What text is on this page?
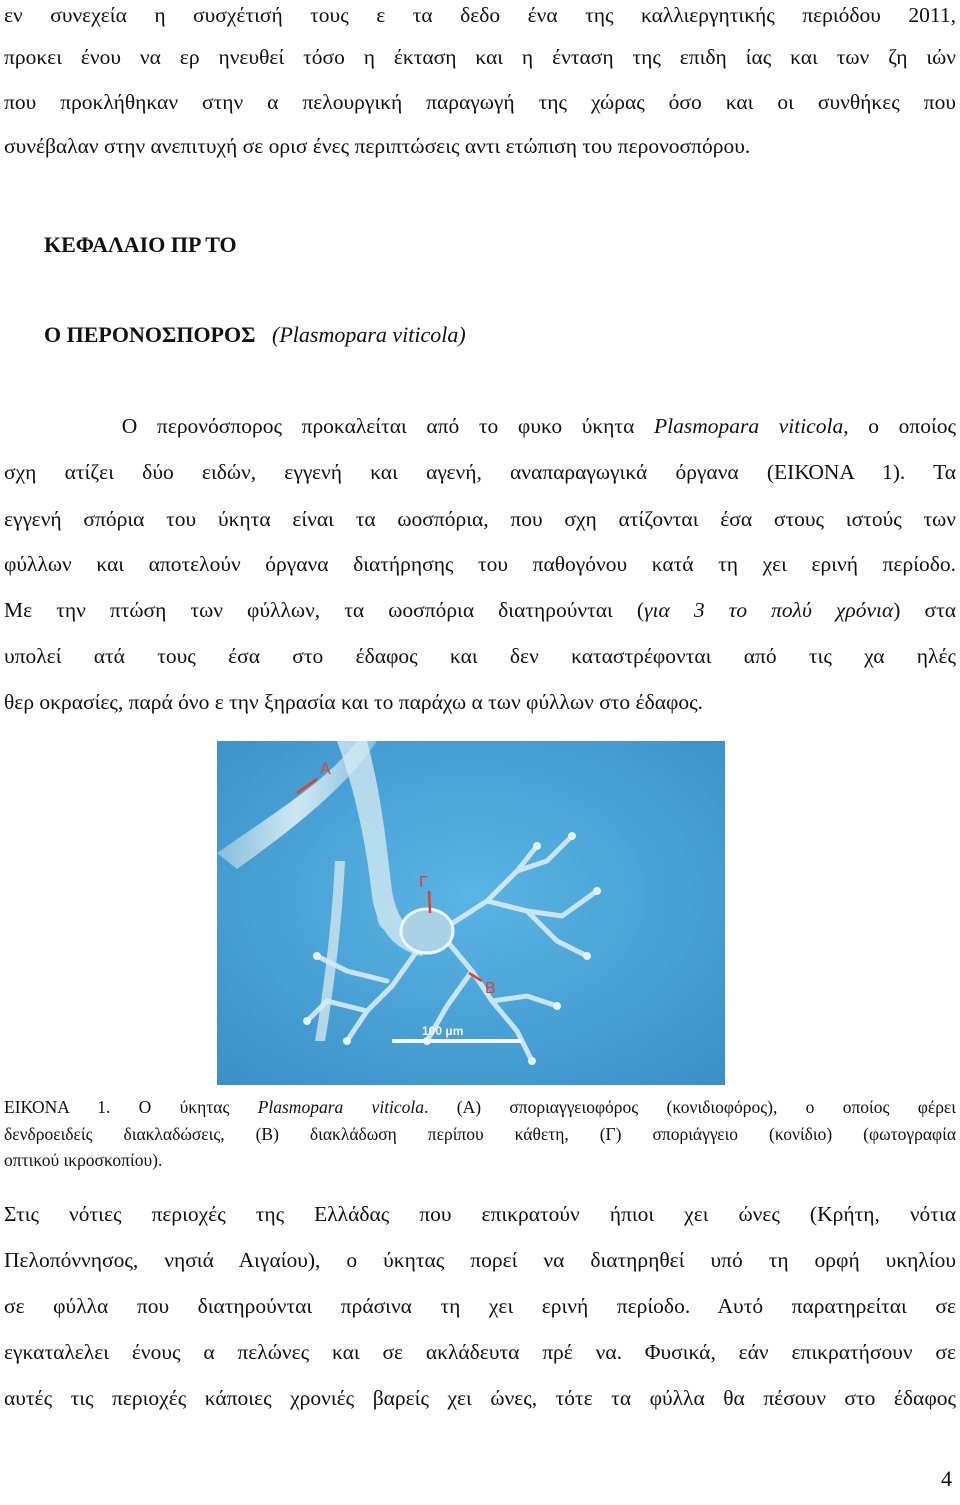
εν συνεχεία η συσχέτισή τους ε τα δεδο ένα της καλλιεργητικής περιόδου 2011,
προκει ένου να ερ ηνευθεί τόσο η έκταση και η ένταση της επιδη ίας και των ζη ιών
που προκλήθηκαν στην α πελουργική παραγωγή της χώρας όσο και οι συνθήκες που
συνέβαλαν στην ανεπιτυχή σε ορισ ένες περιπτώσεις αντι ετώπιση του περονοσπόρου.
ΚΕΦΑΛΑΙΟ ΠΡ ΤΟ
Ο ΠΕΡΟΝΟΣΠΟΡΟΣ (Plasmopara viticola)
Ο περονόσπορος προκαλείται από το φυκο ύκητα Plasmopara viticola, ο οποίος
σχη ατίζει δύο ειδών, εγγενή και αγενή, αναπαραγωγικά όργανα (ΕΙΚΟΝΑ 1). Τα
εγγενή σπόρια του ύκητα είναι τα ωοσπόρια, που σχη ατίζονται έσα στους ιστούς των
φύλλων και αποτελούν όργανα διατήρησης του παθογόνου κατά τη χει ερινή περίοδο.
Με την πτώση των φύλλων, τα ωοσπόρια διατηρούνται (για 3 το πολύ χρόνια) στα
υπολεί ατά τους έσα στο έδαφος και δεν καταστρέφονται από τις χα ηλές
θερ οκρασίες, παρά όνο ε την ξηρασία και το παράχω α των φύλλων στο έδαφος.
Α
Γ
Β
100 μm
ΕΙΚΟΝΑ 1. Ο ύκητας Plasmopara viticola. (Α) σποριαγγειοφόρος (κονιδιοφόρος), ο οποίος φέρει
δενδροειδείς διακλαδώσεις, (Β) διακλάδωση περίπου κάθετη, (Γ) σποριάγγειο (κονίδιο) (φωτογραφία
οπτικού ικροσκοπίου).
Στις νότιες περιοχές της Ελλάδας που επικρατούν ήπιοι χει ώνες (Κρήτη, νότια
Πελοπόννησος, νησιά Αιγαίου), ο ύκητας πορεί να διατηρηθεί υπό τη ορφή υκηλίου
σε φύλλα που διατηρούνται πράσινα τη χει ερινή περίοδο. Αυτό παρατηρείται σε
εγκαταλελει ένους α πελώνες και σε ακλάδευτα πρέ να. Φυσικά, εάν επικρατήσουν σε
αυτές τις περιοχές κάποιες χρονιές βαρείς χει ώνες, τότε τα φύλλα θα πέσουν στο έδαφος
4
